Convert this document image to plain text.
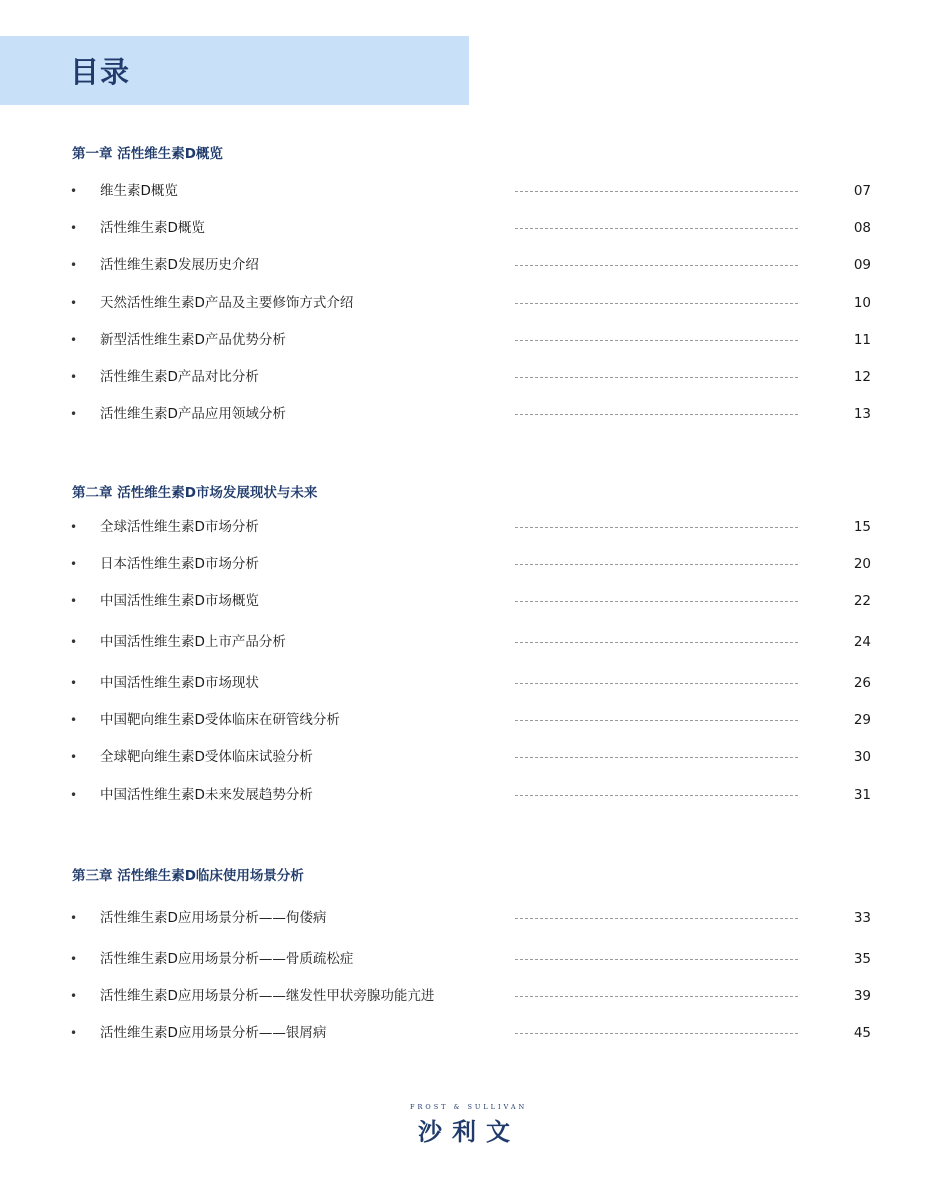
目录
第一章 活性维生素D概览
• 维生素D概览	07
• 活性维生素D概览	08
• 活性维生素D发展历史介绍	09
• 天然活性维生素D产品及主要修饰方式介绍	10
• 新型活性维生素D产品优势分析	11
• 活性维生素D产品对比分析	12
• 活性维生素D产品应用领域分析	13
第二章 活性维生素D市场发展现状与未来
• 全球活性维生素D市场分析	15
• 日本活性维生素D市场分析	20
• 中国活性维生素D市场概览	22
• 中国活性维生素D上市产品分析	24
• 中国活性维生素D市场现状	26
• 中国靶向维生素D受体临床在研管线分析	29
• 全球靶向维生素D受体临床试验分析	30
• 中国活性维生素D未来发展趋势分析	31
第三章 活性维生素D临床使用场景分析
• 活性维生素D应用场景分析——佝偻病	33
• 活性维生素D应用场景分析——骨质疏松症	35
• 活性维生素D应用场景分析——继发性甲状旁腺功能亢进	39
• 活性维生素D应用场景分析——银屑病	45
FROST & SULLIVAN
沙利文
